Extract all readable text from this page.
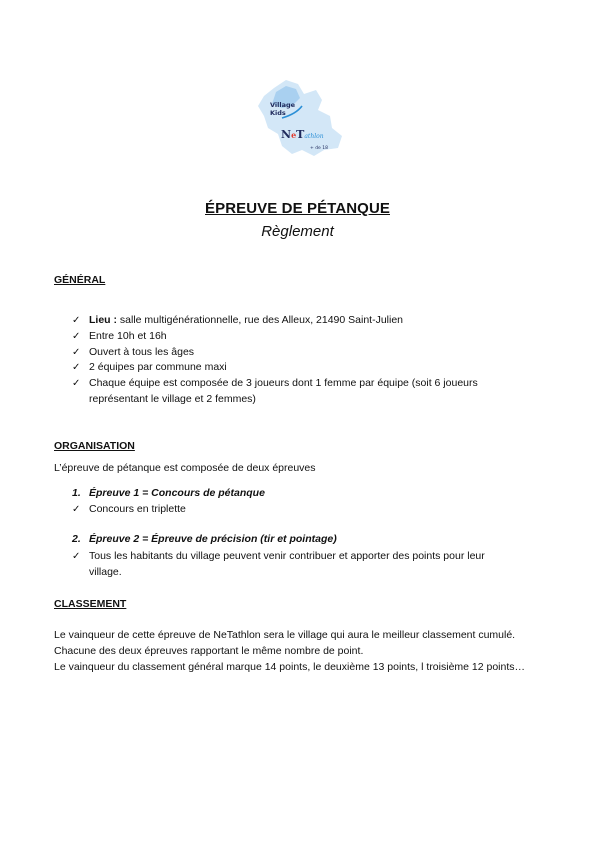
Village
Kids
NeTathlon
+ de 18
ÉPREUVE DE PÉTANQUE
Règlement
GÉNÉRAL
✓ Lieu : salle multigénérationnelle, rue des Alleux, 21490 Saint-Julien
✓ Entre 10h et 16h
✓ Ouvert à tous les âges
✓ 2 équipes par commune maxi
✓ Chaque équipe est composée de 3 joueurs dont 1 femme par équipe (soit 6 joueurs représentant le village et 2 femmes)
ORGANISATION
L’épreuve de pétanque est composée de deux épreuves
1. Épreuve 1 = Concours de pétanque
✓ Concours en triplette
2. Épreuve 2 = Épreuve de précision (tir et pointage)
✓ Tous les habitants du village peuvent venir contribuer et apporter des points pour leur village.
CLASSEMENT
Le vainqueur de cette épreuve de NeTathlon sera le village qui aura le meilleur classement cumulé.
Chacune des deux épreuves rapportant le même nombre de point.
Le vainqueur du classement général marque 14 points, le deuxième 13 points, l troisième 12 points…
